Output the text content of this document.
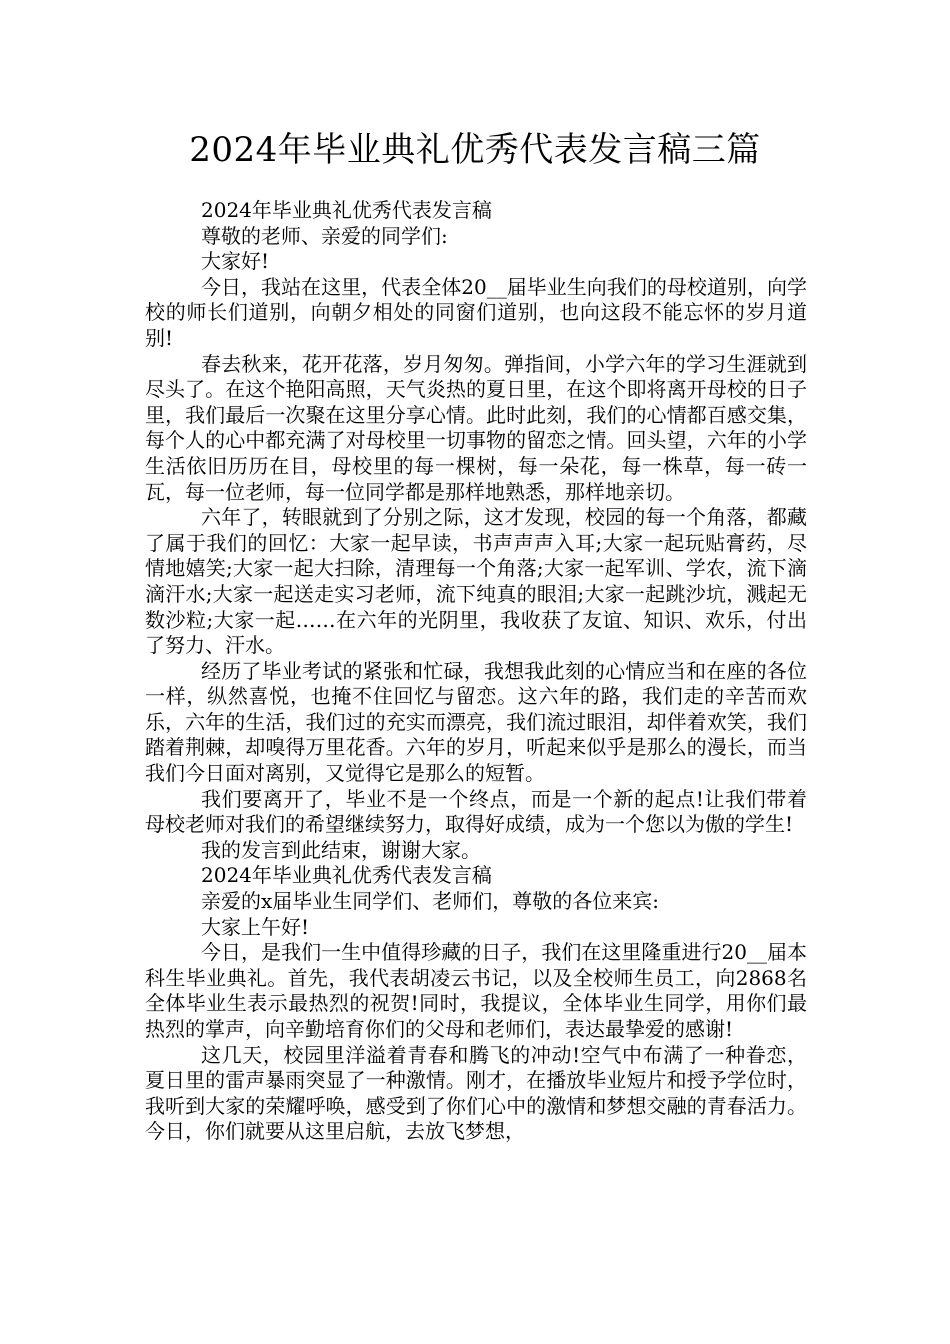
2024年毕业典礼优秀代表发言稿三篇

2024年毕业典礼优秀代表发言稿

尊敬的老师、亲爱的同学们:

大家好!

今日，我站在这里，代表全体20__届毕业生向我们的母校道别，向学校的师长们道别，向朝夕相处的同窗们道别，也向这段不能忘怀的岁月道别!

春去秋来，花开花落，岁月匆匆。弹指间，小学六年的学习生涯就到尽头了。在这个艳阳高照，天气炎热的夏日里，在这个即将离开母校的日子里，我们最后一次聚在这里分享心情。此时此刻，我们的心情都百感交集，每个人的心中都充满了对母校里一切事物的留恋之情。回头望，六年的小学生活依旧历历在目，母校里的每一棵树，每一朵花，每一株草，每一砖一瓦，每一位老师，每一位同学都是那样地熟悉，那样地亲切。

六年了，转眼就到了分别之际，这才发现，校园的每一个角落，都藏了属于我们的回忆：大家一起早读，书声声声入耳;大家一起玩贴膏药，尽情地嬉笑;大家一起大扫除，清理每一个角落;大家一起军训、学农，流下滴滴汗水;大家一起送走实习老师，流下纯真的眼泪;大家一起跳沙坑，溅起无数沙粒;大家一起……在六年的光阴里，我收获了友谊、知识、欢乐，付出了努力、汗水。

经历了毕业考试的紧张和忙碌，我想我此刻的心情应当和在座的各位一样，纵然喜悦，也掩不住回忆与留恋。这六年的路，我们走的辛苦而欢乐，六年的生活，我们过的充实而漂亮，我们流过眼泪，却伴着欢笑，我们踏着荆棘，却嗅得万里花香。六年的岁月，听起来似乎是那么的漫长，而当我们今日面对离别，又觉得它是那么的短暂。

我们要离开了，毕业不是一个终点，而是一个新的起点!让我们带着母校老师对我们的希望继续努力，取得好成绩，成为一个您以为傲的学生!

我的发言到此结束，谢谢大家。

2024年毕业典礼优秀代表发言稿

亲爱的x届毕业生同学们、老师们，尊敬的各位来宾:

大家上午好!

今日，是我们一生中值得珍藏的日子，我们在这里隆重进行20__届本科生毕业典礼。首先，我代表胡凌云书记，以及全校师生员工，向2868名全体毕业生表示最热烈的祝贺!同时，我提议，全体毕业生同学，用你们最热烈的掌声，向辛勤培育你们的父母和老师们，表达最挚爱的感谢!

这几天，校园里洋溢着青春和腾飞的冲动!空气中布满了一种眷恋，夏日里的雷声暴雨突显了一种激情。刚才，在播放毕业短片和授予学位时，我听到大家的荣耀呼唤，感受到了你们心中的激情和梦想交融的青春活力。今日，你们就要从这里启航，去放飞梦想，
